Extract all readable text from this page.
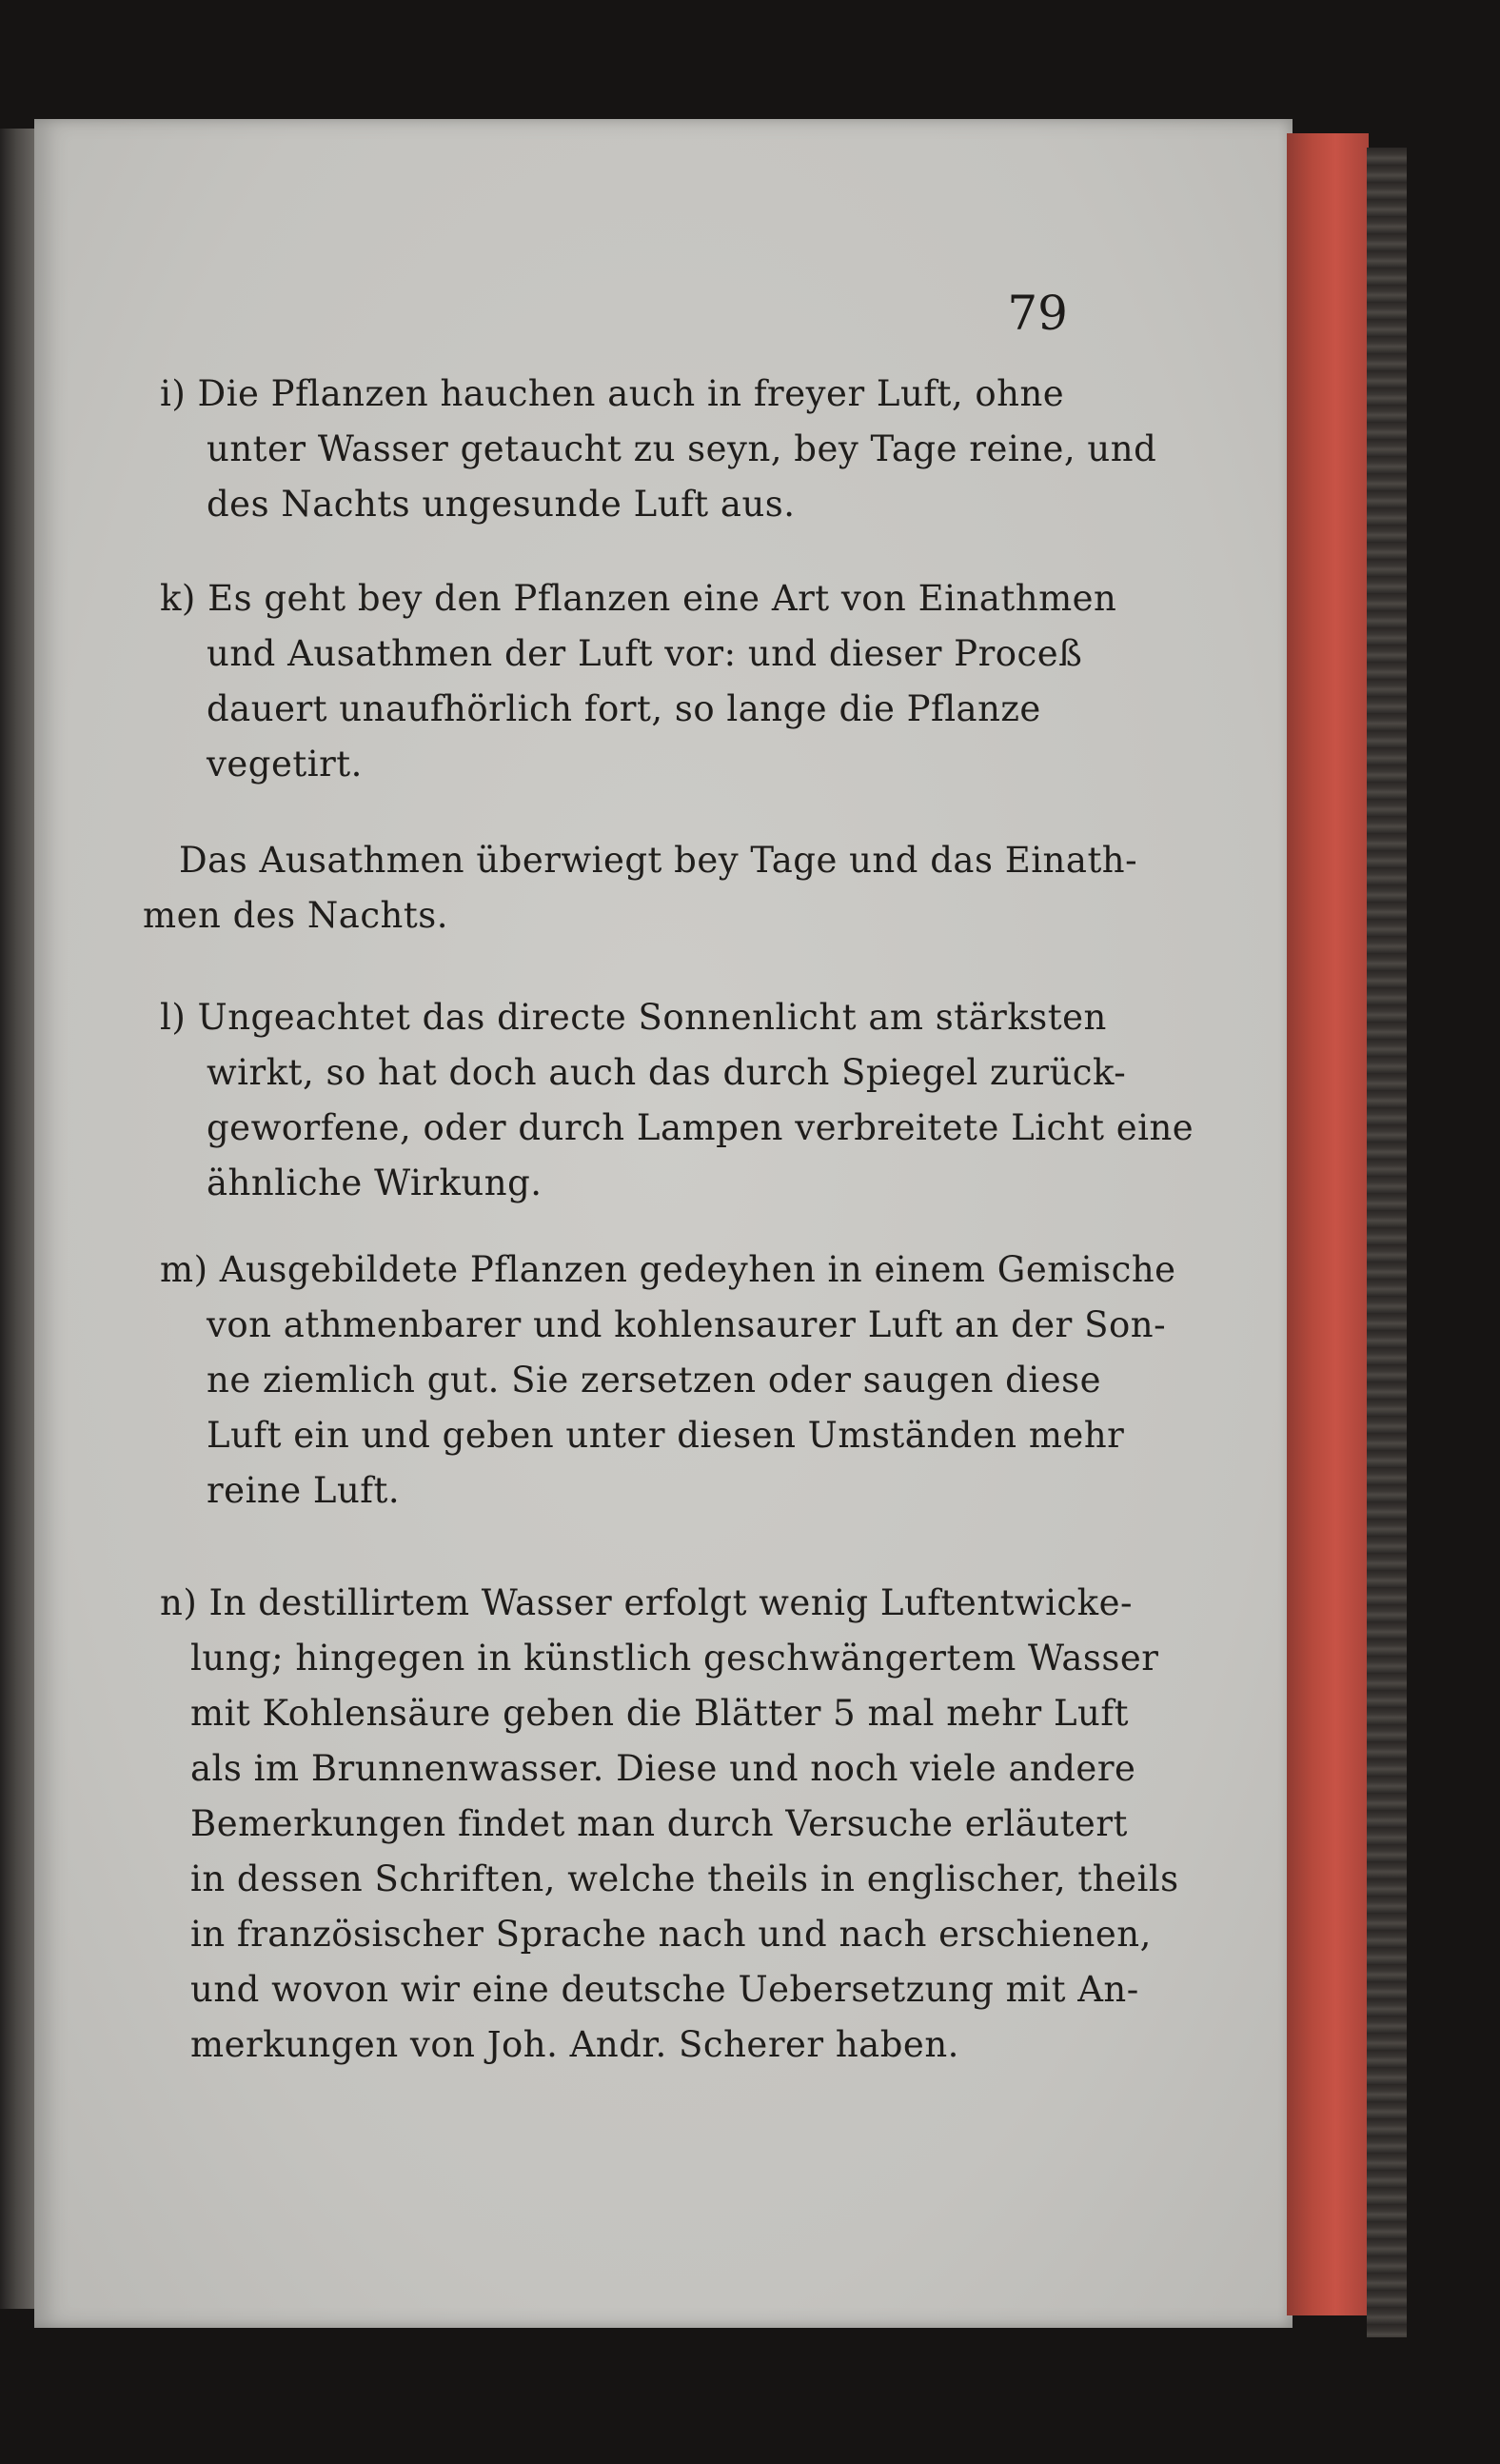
79
i) Die Pflanzen hauchen auch in freyer Luft, ohne
unter Wasser getaucht zu seyn, bey Tage reine, und
des Nachts ungesunde Luft aus.
k) Es geht bey den Pflanzen eine Art von Einathmen
und Ausathmen der Luft vor: und dieser Proceß
dauert unaufhörlich fort, so lange die Pflanze
vegetirt.
Das Ausathmen überwiegt bey Tage und das Einath-
men des Nachts.
l) Ungeachtet das directe Sonnenlicht am stärksten
wirkt, so hat doch auch das durch Spiegel zurück-
geworfene, oder durch Lampen verbreitete Licht eine
ähnliche Wirkung.
m) Ausgebildete Pflanzen gedeyhen in einem Gemische
von athmenbarer und kohlensaurer Luft an der Son-
ne ziemlich gut. Sie zersetzen oder saugen diese
Luft ein und geben unter diesen Umständen mehr
reine Luft.
n) In destillirtem Wasser erfolgt wenig Luftentwicke-
lung; hingegen in künstlich geschwängertem Wasser
mit Kohlensäure geben die Blätter 5 mal mehr Luft
als im Brunnenwasser. Diese und noch viele andere
Bemerkungen findet man durch Versuche erläutert
in dessen Schriften, welche theils in englischer, theils
in französischer Sprache nach und nach erschienen,
und wovon wir eine deutsche Uebersetzung mit An-
merkungen von Joh. Andr. Scherer haben.
